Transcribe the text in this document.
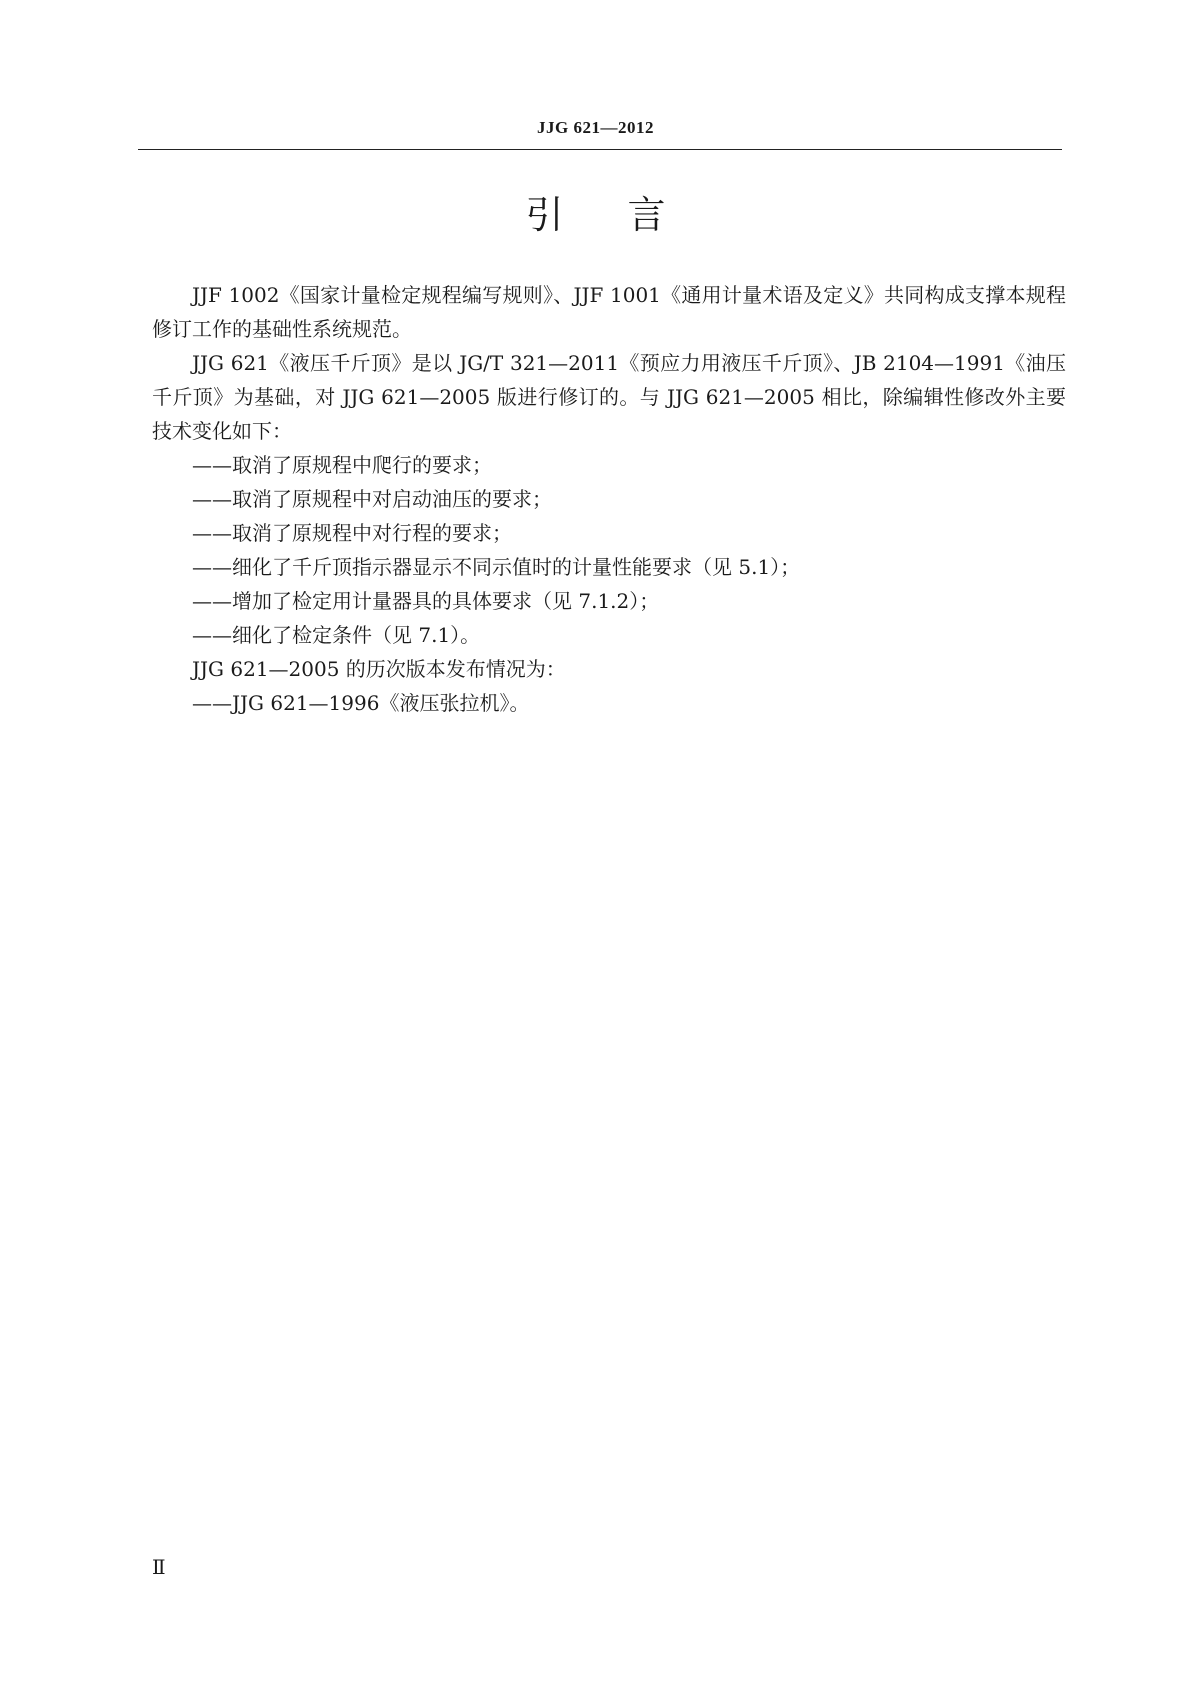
JJG 621—2012
引言

JJF 1002《国家计量检定规程编写规则》、JJF 1001《通用计量术语及定义》共同构成支撑本规程修订工作的基础性系统规范。

JJG 621《液压千斤顶》是以 JG/T 321—2011《预应力用液压千斤顶》、JB 2104—1991《油压千斤顶》为基础，对 JJG 621—2005 版进行修订的。与 JJG 621—2005 相比，除编辑性修改外主要技术变化如下：

——取消了原规程中爬行的要求；

——取消了原规程中对启动油压的要求；

——取消了原规程中对行程的要求；

——细化了千斤顶指示器显示不同示值时的计量性能要求（见 5.1）；

——增加了检定用计量器具的具体要求（见 7.1.2）；

——细化了检定条件（见 7.1）。

JJG 621—2005 的历次版本发布情况为：

——JJG 621—1996《液压张拉机》。

Ⅱ
